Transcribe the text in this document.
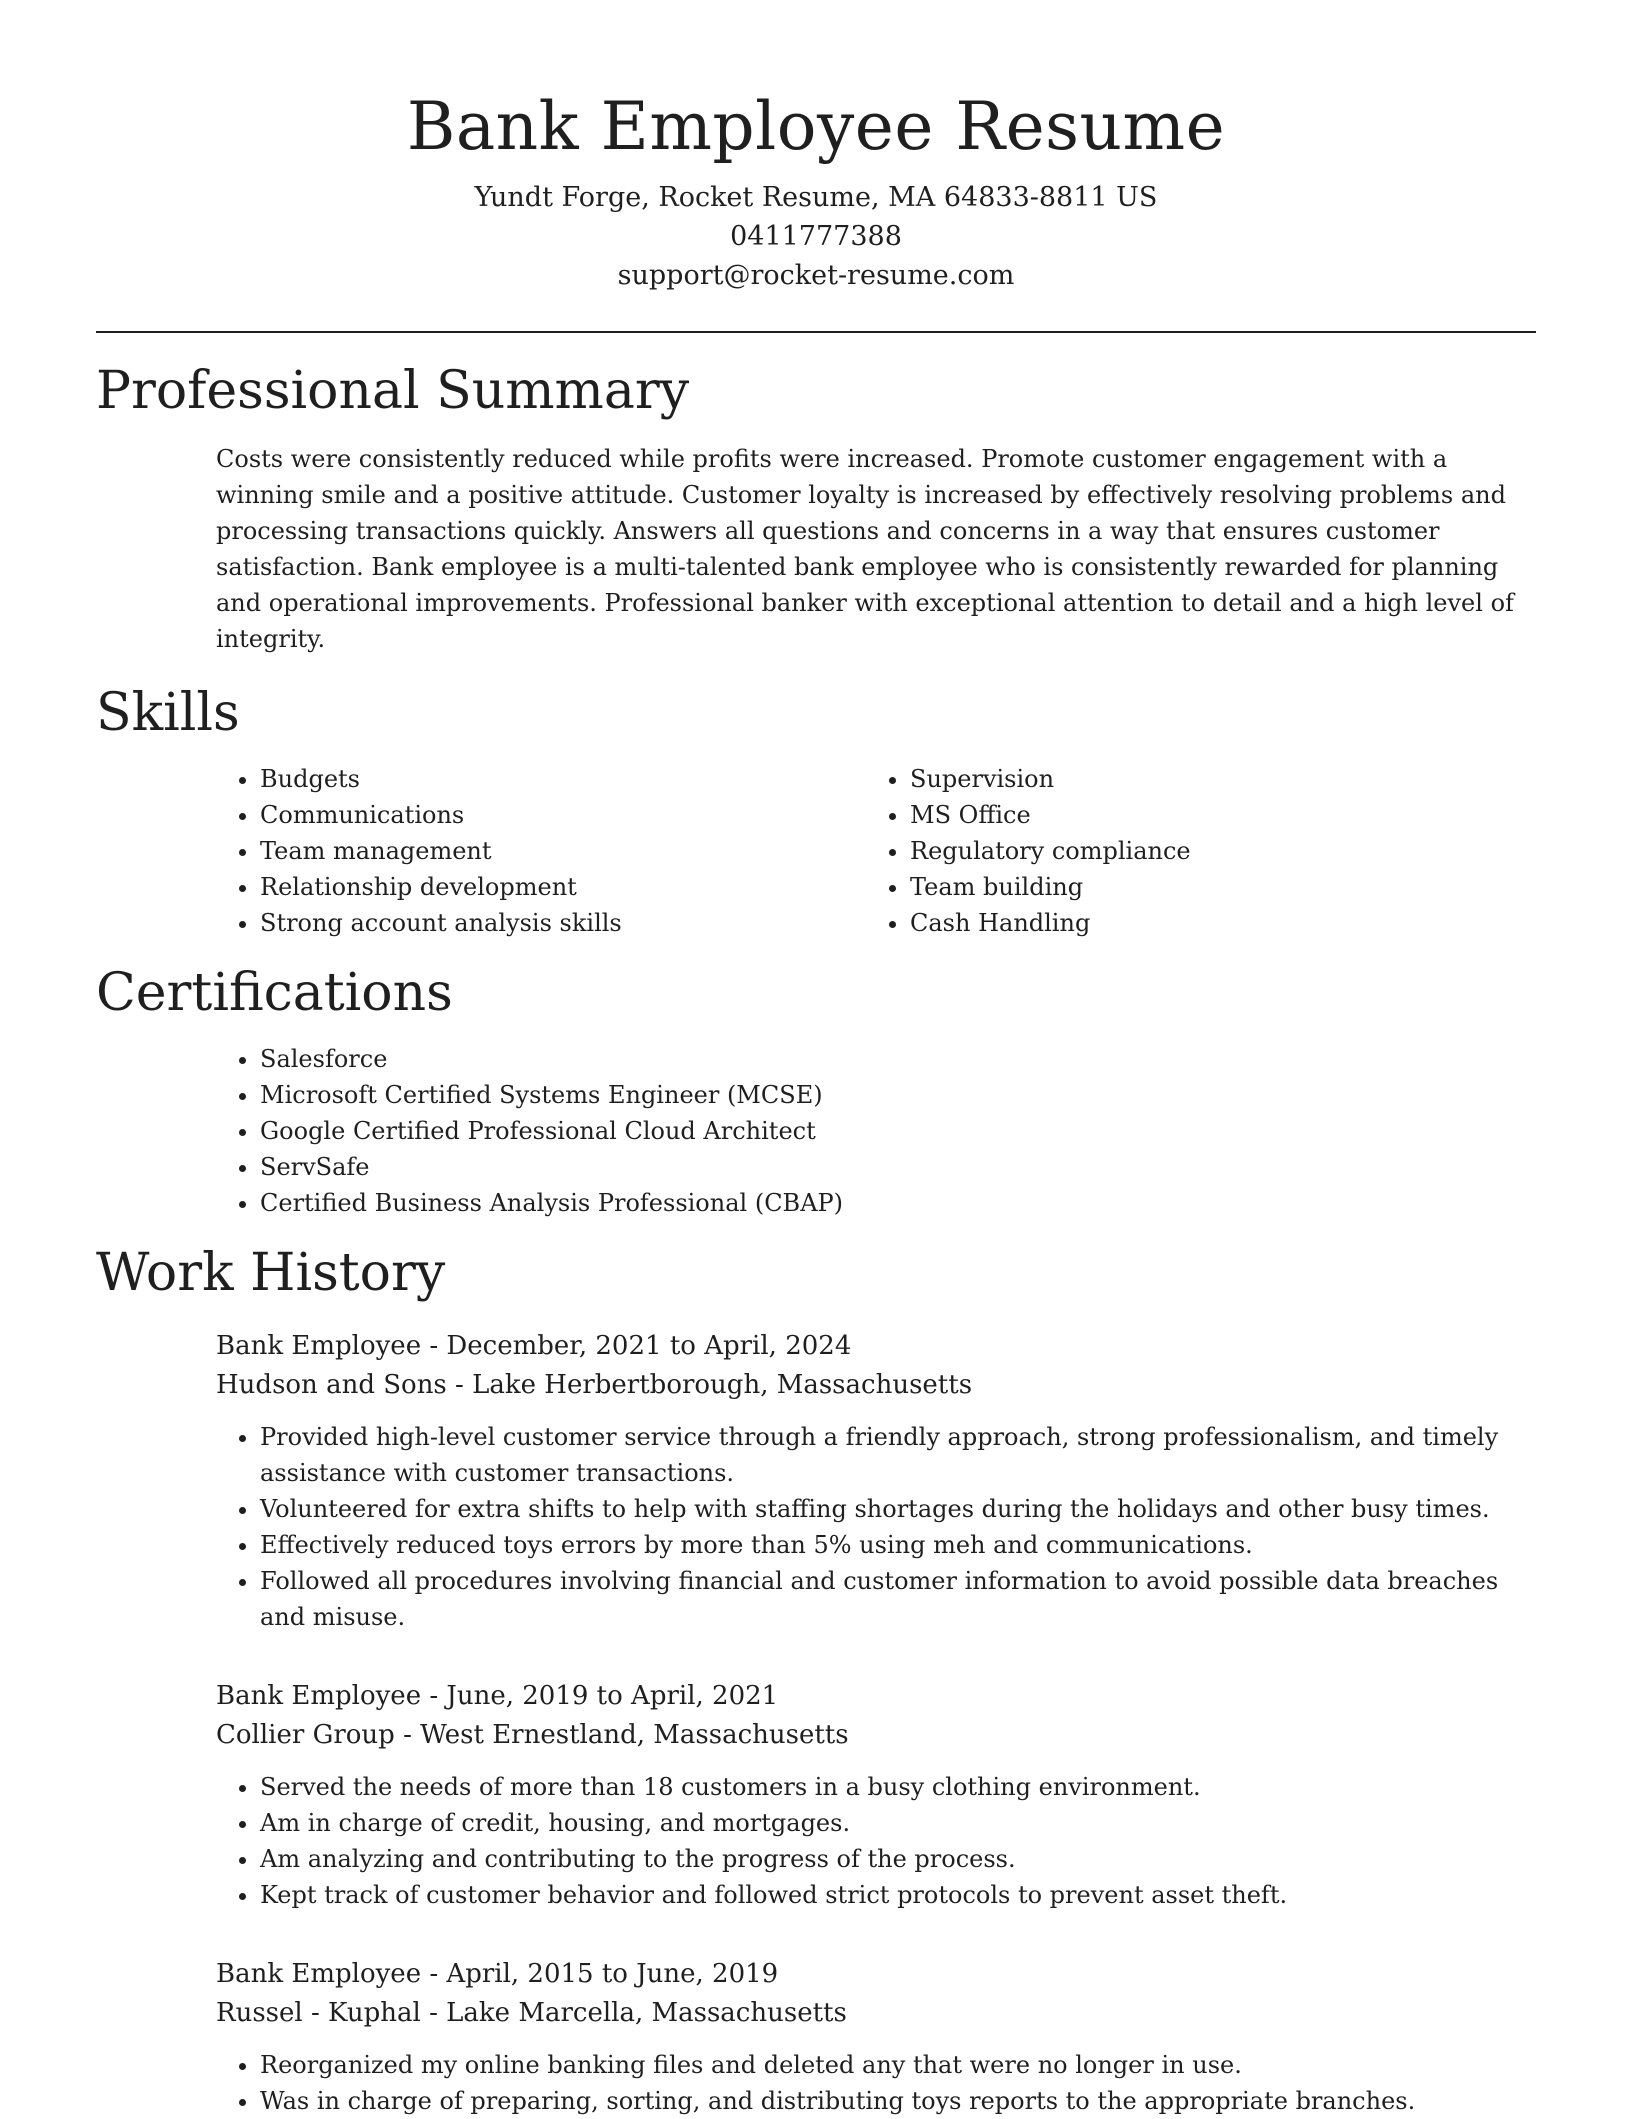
Bank Employee Resume

Yundt Forge, Rocket Resume, MA 64833-8811 US

0411777388

support@rocket-resume.com

Professional Summary

Costs were consistently reduced while profits were increased. Promote customer engagement with a winning smile and a positive attitude. Customer loyalty is increased by effectively resolving problems and processing transactions quickly. Answers all questions and concerns in a way that ensures customer satisfaction. Bank employee is a multi-talented bank employee who is consistently rewarded for planning and operational improvements. Professional banker with exceptional attention to detail and a high level of integrity.

Skills
• Budgets
• Communications
• Team management
• Relationship development
• Strong account analysis skills
• Supervision
• MS Office
• Regulatory compliance
• Team building
• Cash Handling
Certifications
• Salesforce
• Microsoft Certified Systems Engineer (MCSE)
• Google Certified Professional Cloud Architect
• ServSafe
• Certified Business Analysis Professional (CBAP)
Work History

Bank Employee - December, 2021 to April, 2024

Hudson and Sons - Lake Herbertborough, Massachusetts

• Provided high-level customer service through a friendly approach, strong professionalism, and timely assistance with customer transactions.
• Volunteered for extra shifts to help with staffing shortages during the holidays and other busy times.
• Effectively reduced toys errors by more than 5% using meh and communications.
• Followed all procedures involving financial and customer information to avoid possible data breaches and misuse.

Bank Employee - June, 2019 to April, 2021

Collier Group - West Ernestland, Massachusetts

• Served the needs of more than 18 customers in a busy clothing environment.
• Am in charge of credit, housing, and mortgages.
• Am analyzing and contributing to the progress of the process.
• Kept track of customer behavior and followed strict protocols to prevent asset theft.

Bank Employee - April, 2015 to June, 2019

Russel - Kuphal - Lake Marcella, Massachusetts

• Reorganized my online banking files and deleted any that were no longer in use.
• Was in charge of preparing, sorting, and distributing toys reports to the appropriate branches.
